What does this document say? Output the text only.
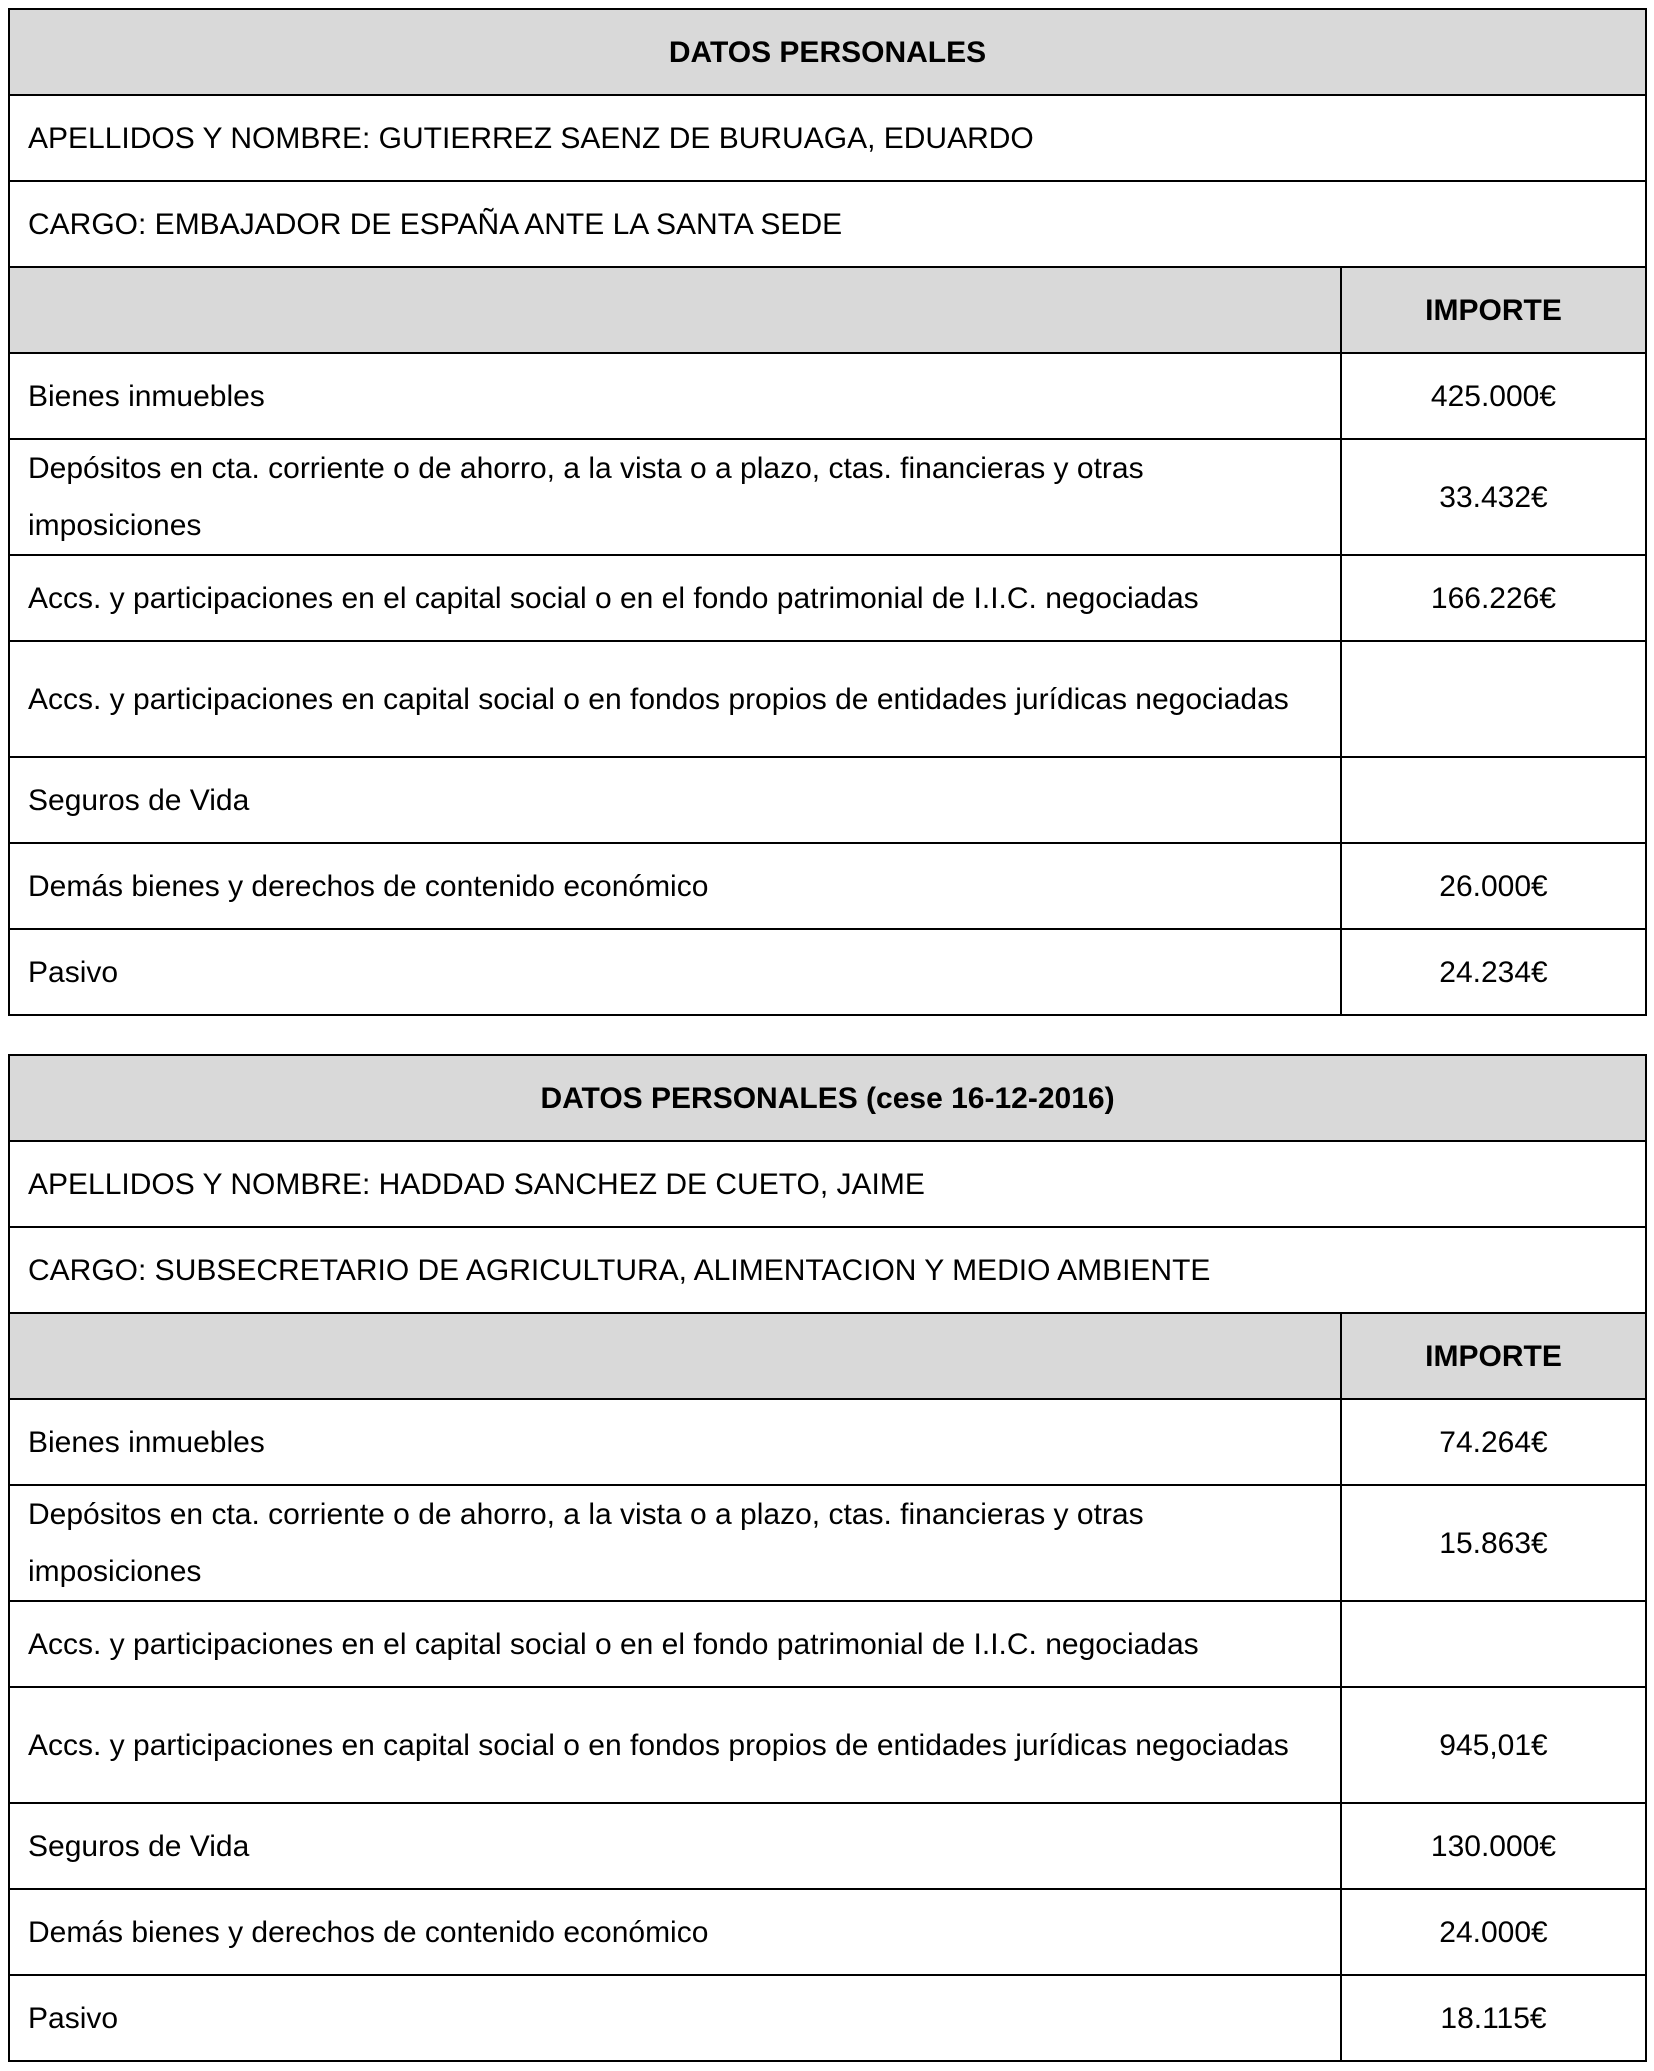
DATOS PERSONALES	
APELLIDOS Y NOMBRE: GUTIERREZ SAENZ DE BURUAGA, EDUARDO	
CARGO: EMBAJADOR DE ESPAÑA ANTE LA SANTA SEDE	
	IMPORTE
Bienes inmuebles	425.000€
Depósitos en cta. corriente o de ahorro, a la vista o a plazo, ctas. financieras y otras imposiciones	33.432€
Accs. y participaciones en el capital social o en el fondo patrimonial de I.I.C. negociadas	166.226€
Accs. y participaciones en capital social o en fondos propios de entidades jurídicas negociadas	
Seguros de Vida	
Demás bienes y derechos de contenido económico	26.000€
Pasivo	24.234€
DATOS PERSONALES (cese 16-12-2016)	
APELLIDOS Y NOMBRE: HADDAD SANCHEZ DE CUETO, JAIME	
CARGO: SUBSECRETARIO DE AGRICULTURA, ALIMENTACION Y MEDIO AMBIENTE	
	IMPORTE
Bienes inmuebles	74.264€
Depósitos en cta. corriente o de ahorro, a la vista o a plazo, ctas. financieras y otras imposiciones	15.863€
Accs. y participaciones en el capital social o en el fondo patrimonial de I.I.C. negociadas	
Accs. y participaciones en capital social o en fondos propios de entidades jurídicas negociadas	945,01€
Seguros de Vida	130.000€
Demás bienes y derechos de contenido económico	24.000€
Pasivo	18.115€
